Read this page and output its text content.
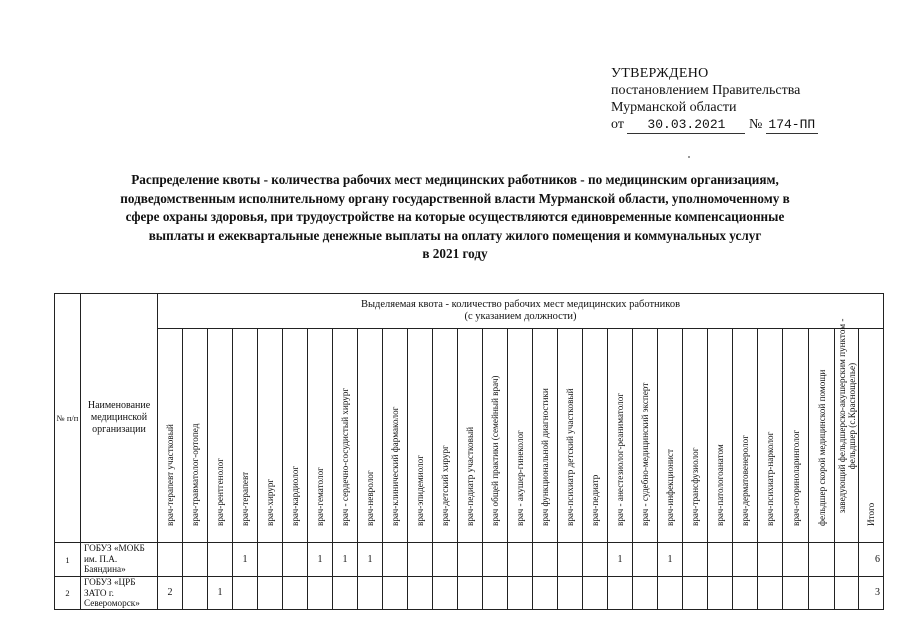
УТВЕРЖДЕНО
постановлением Правительства
Мурманской области
от 30.03.2021 № 174-ПП
Распределение квоты - количества рабочих мест медицинских работников - по медицинским организациям,
подведомственным исполнительному органу государственной власти Мурманской области, уполномоченному в
сфере охраны здоровья, при трудоустройстве на которые осуществляются единовременные компенсационные
выплаты и ежеквартальные денежные выплаты на оплату жилого помещения и коммунальных услуг
в 2021 году
№ п/п	Наименование медицинской организации	Выделяемая квота - количество рабочих мест медицинских работников
(с указанием должности)																												

		врач-терапевт участковый	врач-травматолог-ортопед	врач-рентгенолог	врач-терапевт	врач-хирург	врач-кардиолог	врач-гематолог	врач - сердечно-сосудистый хирург	врач-невролог	врач-клинический фармаколог	врач-эпидемиолог	врач-детский хирург	врач-педиатр участковый	врач общей практики (семейный врач)	врач - акушер-гинеколог	врач функциональной диагностики	врач-психиатр детский участковый	врач-педиатр	врач - анестезиолог-реаниматолог	врач - судебно-медицинский эксперт	врач-инфекционист	врач-трансфузиолог	врач-патологоанатом	врач-дерматовенеролог	врач-психиатр-нарколог	врач-оториноларинголог	фельдшер скорой медицинской помощи	заведующий фельдшерско-акушерским пунктом - фельдшер (с.Краснощелье)	Итого

1	ГОБУЗ «МОКБ им. П.А. Баяндина»				1			1	1	1										1		1								6
2	ГОБУЗ «ЦРБ ЗАТО г. Североморск»	2		1																										3
